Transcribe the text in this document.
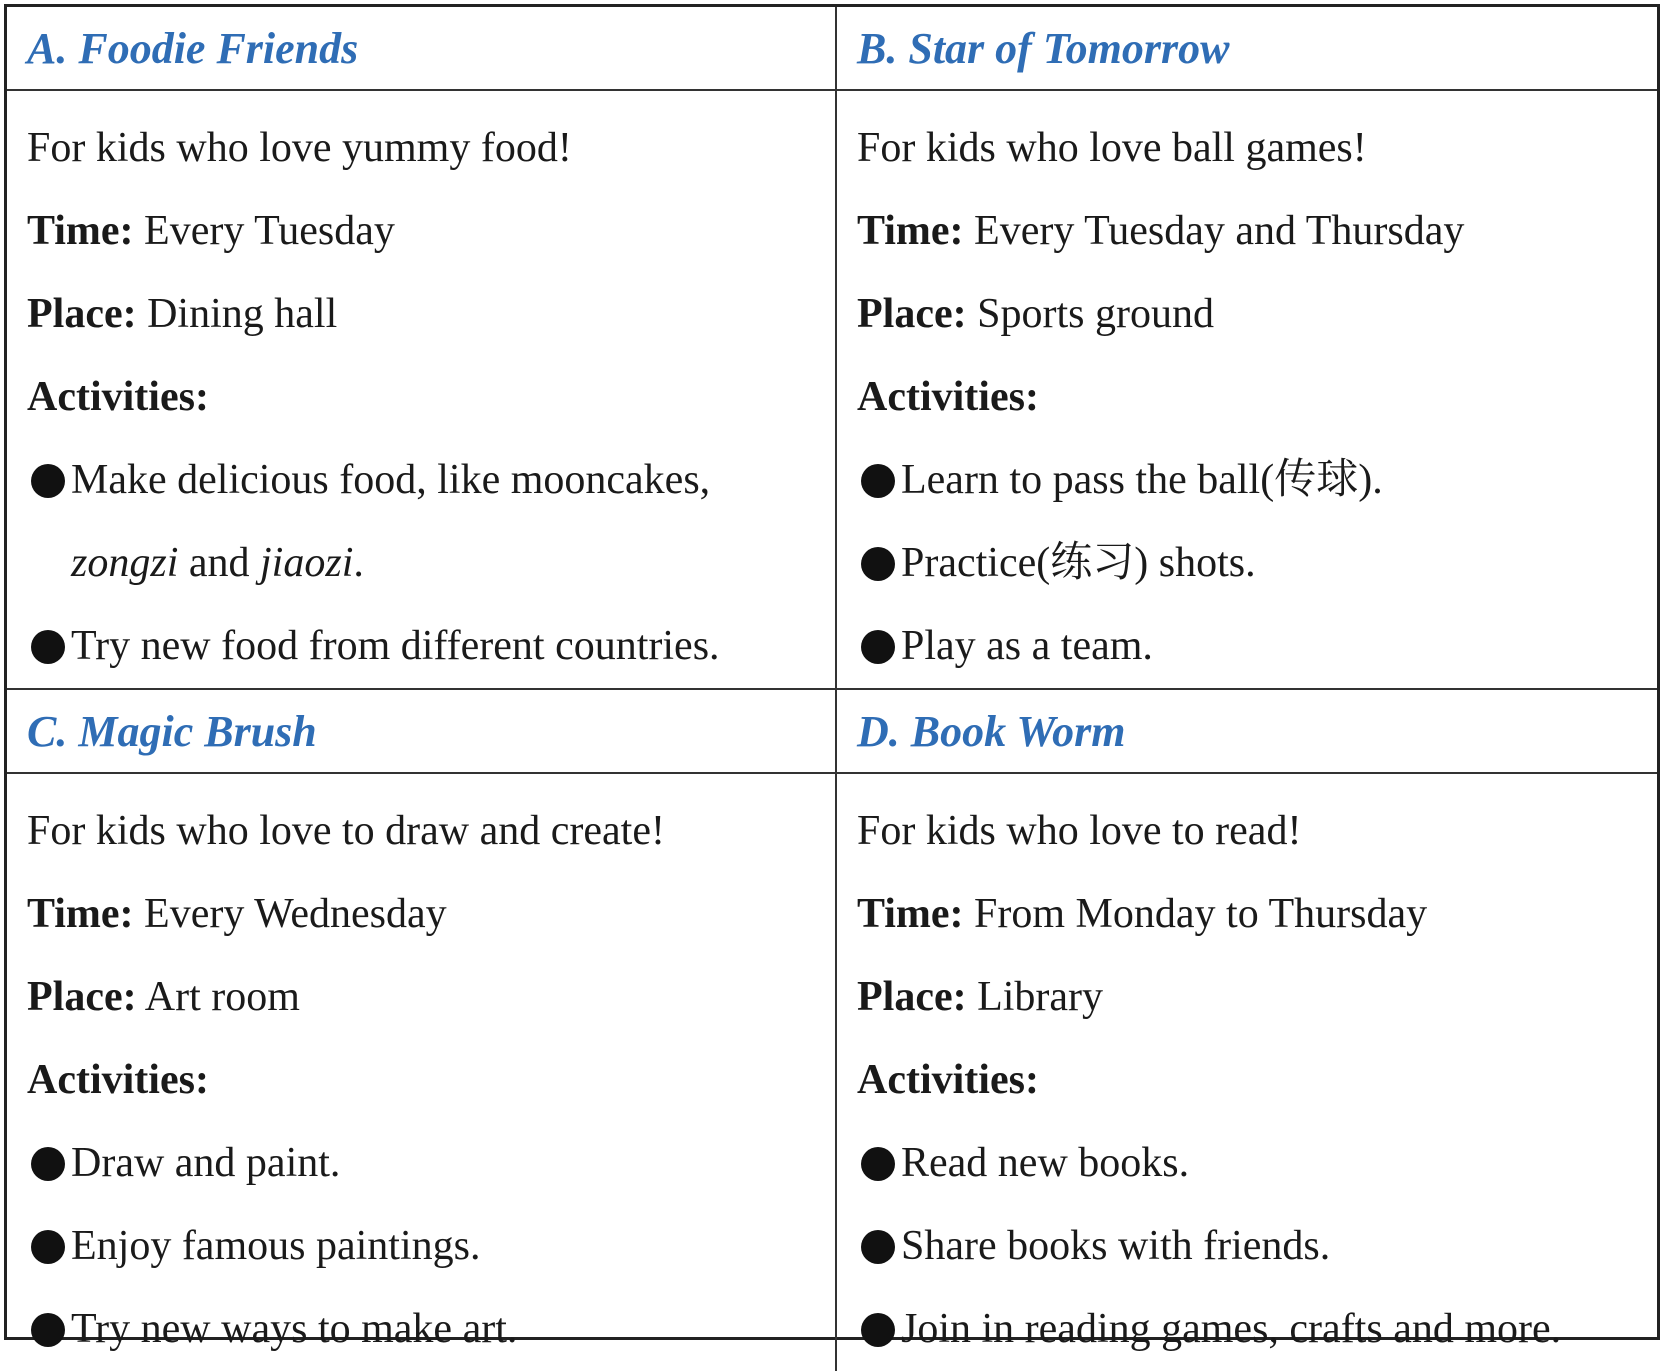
A. Foodie Friends
For kids who love yummy food!
Time: Every Tuesday
Place: Dining hall
Activities:
Make delicious food, like mooncakes,
zongzi and jiaozi.
Try new food from different countries.
B. Star of Tomorrow
For kids who love ball games!
Time: Every Tuesday and Thursday
Place: Sports ground
Activities:
Learn to pass the ball(传球).
Practice(练习) shots.
Play as a team.
C. Magic Brush
For kids who love to draw and create!
Time: Every Wednesday
Place: Art room
Activities:
Draw and paint.
Enjoy famous paintings.
Try new ways to make art.
D. Book Worm
For kids who love to read!
Time: From Monday to Thursday
Place: Library
Activities:
Read new books.
Share books with friends.
Join in reading games, crafts and more.
